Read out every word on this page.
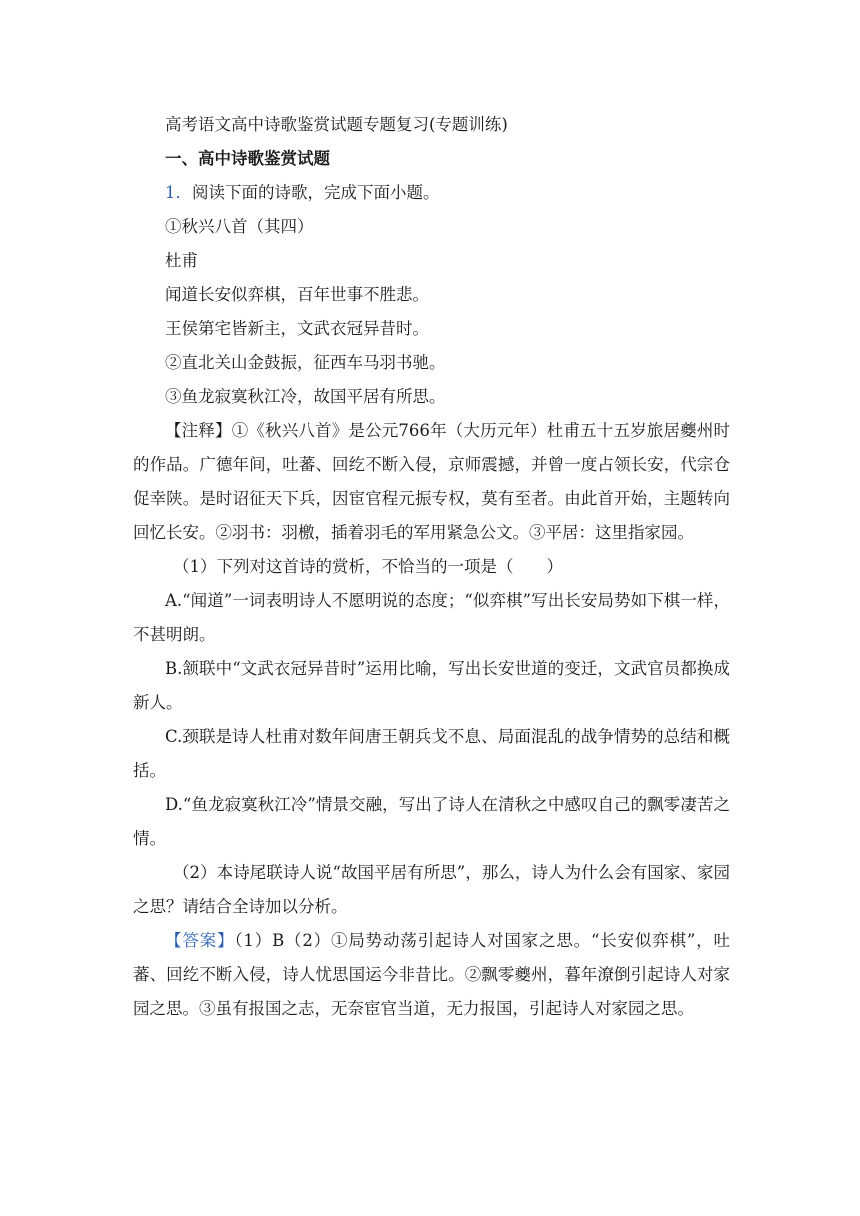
高考语文高中诗歌鉴赏试题专题复习(专题训练)

一、高中诗歌鉴赏试题

1．阅读下面的诗歌，完成下面小题。

①秋兴八首（其四）

杜甫

闻道长安似弈棋，百年世事不胜悲。

王侯第宅皆新主，文武衣冠异昔时。

②直北关山金鼓振，征西车马羽书驰。

③鱼龙寂寞秋江冷，故国平居有所思。

【注释】①《秋兴八首》是公元766年（大历元年）杜甫五十五岁旅居夔州时的作品。广德年间，吐蕃、回纥不断入侵，京师震撼，并曾一度占领长安，代宗仓促幸陕。是时诏征天下兵，因宦官程元振专权，莫有至者。由此首开始，主题转向回忆长安。②羽书：羽檄，插着羽毛的军用紧急公文。③平居：这里指家园。

（1）下列对这首诗的赏析，不恰当的一项是（　　）

A.“闻道”一词表明诗人不愿明说的态度；“似弈棋”写出长安局势如下棋一样，不甚明朗。

B.颔联中“文武衣冠异昔时”运用比喻，写出长安世道的变迁，文武官员都换成新人。

C.颈联是诗人杜甫对数年间唐王朝兵戈不息、局面混乱的战争情势的总结和概括。

D.“鱼龙寂寞秋江冷”情景交融，写出了诗人在清秋之中感叹自己的飘零凄苦之情。

（2）本诗尾联诗人说“故国平居有所思”，那么，诗人为什么会有国家、家园之思？请结合全诗加以分析。

【答案】（1）B（2）①局势动荡引起诗人对国家之思。“长安似弈棋”，吐蕃、回纥不断入侵，诗人忧思国运今非昔比。②飘零夔州，暮年潦倒引起诗人对家园之思。③虽有报国之志，无奈宦官当道，无力报国，引起诗人对家园之思。
